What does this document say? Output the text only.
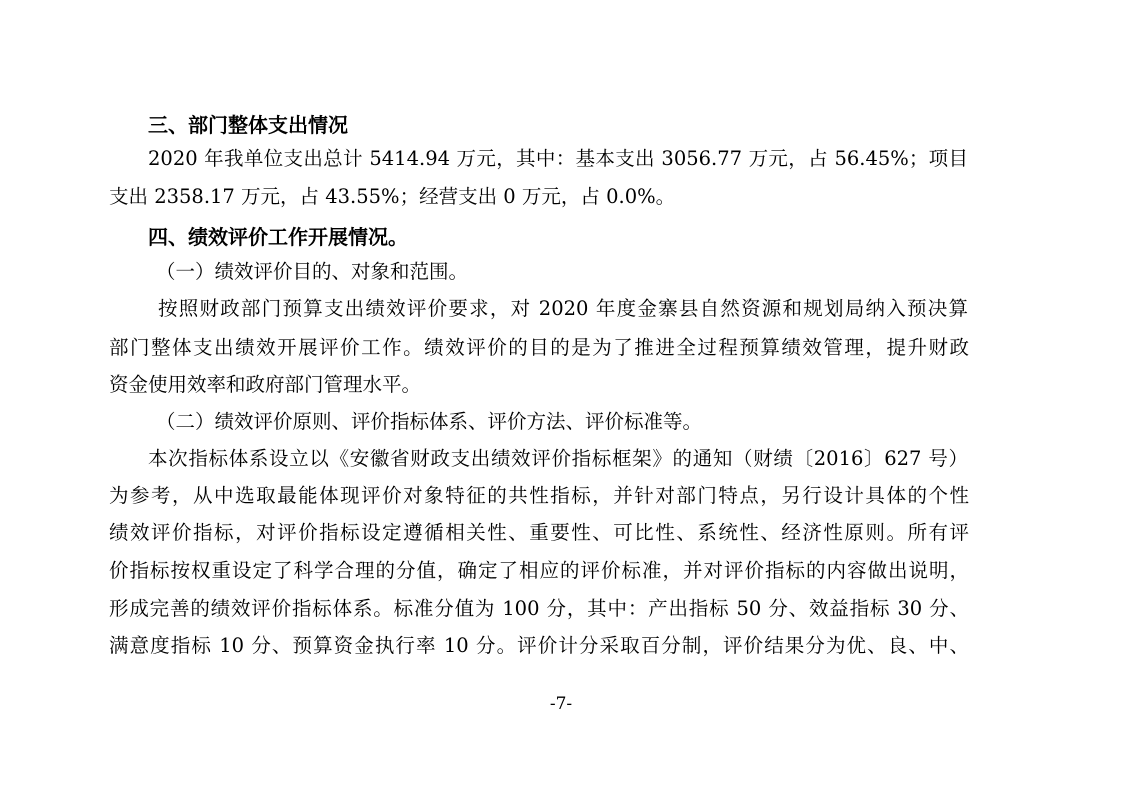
三、部门整体支出情况
2020 年我单位支出总计 5414.94 万元，其中：基本支出 3056.77 万元，占 56.45%；项目
支出 2358.17 万元，占 43.55%；经营支出 0 万元，占 0.0%。
四、绩效评价工作开展情况。
（一）绩效评价目的、对象和范围。
按照财政部门预算支出绩效评价要求，对 2020 年度金寨县自然资源和规划局纳入预决算
部门整体支出绩效开展评价工作。绩效评价的目的是为了推进全过程预算绩效管理，提升财政
资金使用效率和政府部门管理水平。
（二）绩效评价原则、评价指标体系、评价方法、评价标准等。
本次指标体系设立以《安徽省财政支出绩效评价指标框架》的通知（财绩〔2016〕627 号）
为参考，从中选取最能体现评价对象特征的共性指标，并针对部门特点，另行设计具体的个性
绩效评价指标，对评价指标设定遵循相关性、重要性、可比性、系统性、经济性原则。所有评
价指标按权重设定了科学合理的分值，确定了相应的评价标准，并对评价指标的内容做出说明，
形成完善的绩效评价指标体系。标准分值为 100 分，其中：产出指标 50 分、效益指标 30 分、
满意度指标 10 分、预算资金执行率 10 分。评价计分采取百分制，评价结果分为优、良、中、
-7-
